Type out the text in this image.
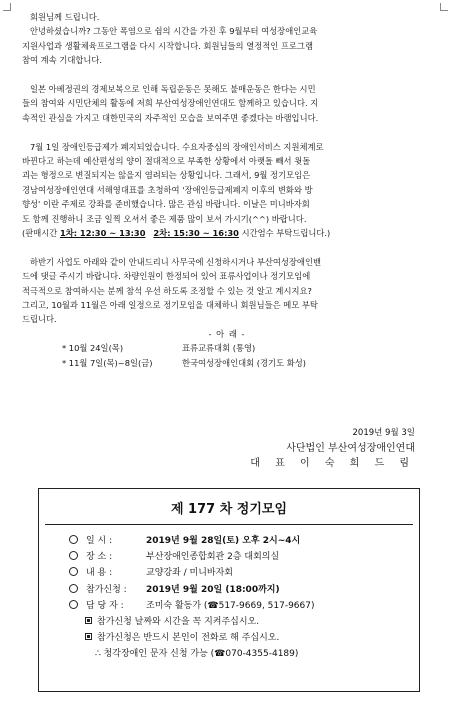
회원님께 드립니다.

안녕하셨습니까? 그동안 폭염으로 쉼의 시간을 가진 후 9월부터 여성장애인교육

지원사업과 생활체육프로그램을 다시 시작합니다. 회원님들의 열정적인 프로그램

참여 계속 기대합니다.

일본 아베정권의 경제보복으로 인해 독립운동은 못해도 불매운동은 한다는 시민

들의 참여와 시민단체의 활동에 저희 부산여성장애인연대도 함께하고 있습니다. 지

속적인 관심을 가지고 대한민국의 자주적인 모습을 보여주면 좋겠다는 바램입니다.

7월 1일 장애인등급제가 폐지되었습니다. 수요자중심의 장애인서비스 지원체계로

바뀐다고 하는데 예산편성의 양이 절대적으로 부족한 상황에서 아랫돌 빼서 윗돌

괴는 형정으로 변질되지는 않을지 염려되는 상황입니다. 그래서, 9월 정기모임은

경남여성장애인연대 서해영대표를 초청하여 '장애인등급제폐지 이후의 변화와 방

향성' 이란 주제로 강좌를 준비했습니다. 많은 관심 바랍니다. 이날은 미니바자회

도 함께 진행하니 조금 일찍 오셔서 좋은 제품 많이 보셔 가시기(^^) 바랍니다.

(판매시간 1차: 12:30 ~ 13:30 2차: 15:30 ~ 16:30 시간엄수 부탁드립니다.)

하반기 사업도 아래와 같이 안내드리니 사무국에 신청하시거나 부산여성장애인밴

드에 댓글 주시기 바랍니다. 차량인원이 한정되어 있어 표류사업이나 정기모임에

적극적으로 참여하시는 분께 참석 우선 하도록 조정할 수 있는 것 알고 계시지요?

그리고, 10월과 11월은 아래 일정으로 정기모임을 대체하니 회원님들은 메모 부탁

드립니다.

- 아 래 -

* 10월 24일(목)	표류교류대회 (통영)

* 11월 7일(목)~8일(금)	한국여성장애인대회 (경기도 화성)

2019년 9월 3일
사단법인 부산여성장애인연대
대 표 이 숙 희 드 림
제 177 차 정기모임
일 시 :	2019년 9월 28일(토) 오후 2시~4시
장 소 :	부산장애인종합회관 2층 대회의실
내 용 :	교양강좌 / 미니바자회
참가신청 : 2019년 9월 20일 (18:00까지)
담 당 자 : 조미숙 활동가 (☎517-9669, 517-9667)
참가신청 날짜와 시간을 꼭 지켜주십시오.
참가신청은 반드시 본인이 전화로 해 주십시오.
∴ 청각장애인 문자 신청 가능 (☎070-4355-4189)
